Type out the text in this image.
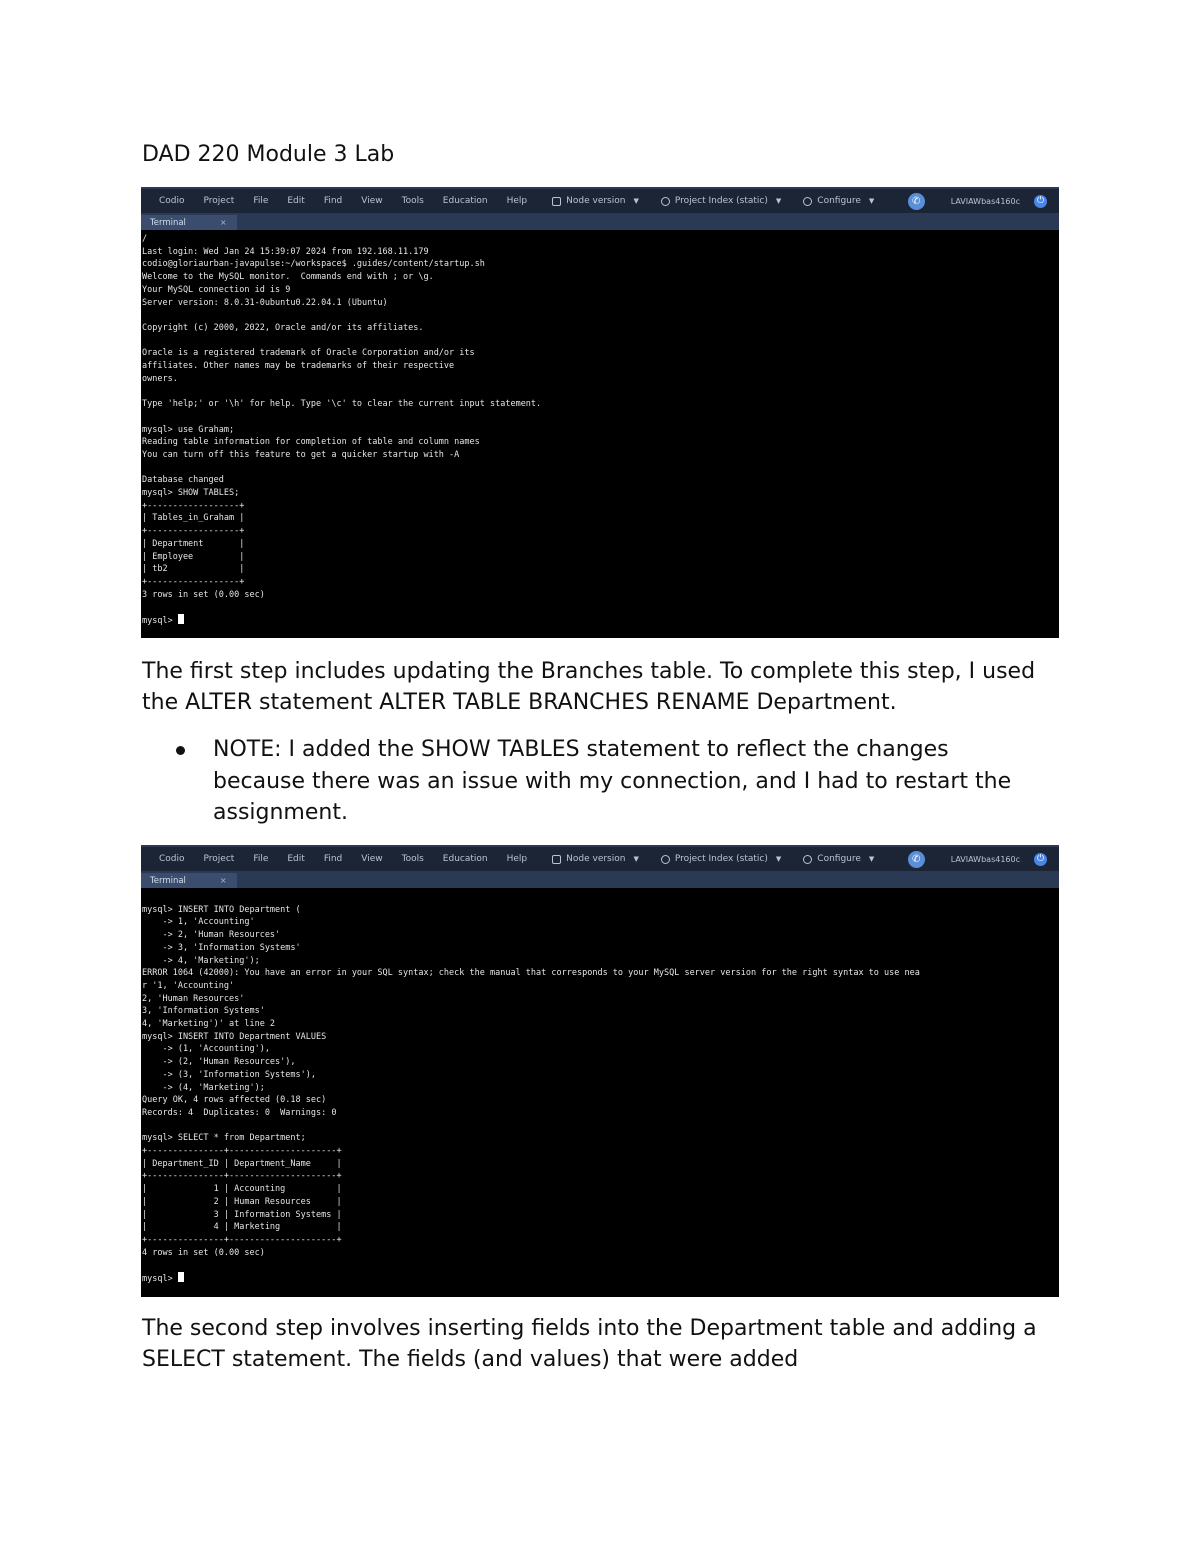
DAD 220 Module 3 Lab
Codio Project File Edit Find View Tools Education Help	Node version ▼	Project Index (static) ▼	Configure ▼	✆	LAVIAWbas4160c	⏻
Terminal	×
/
Last login: Wed Jan 24 15:39:07 2024 from 192.168.11.179
codio@gloriaurban-javapulse:~/workspace$ .guides/content/startup.sh
Welcome to the MySQL monitor.  Commands end with ; or \g.
Your MySQL connection id is 9
Server version: 8.0.31-0ubuntu0.22.04.1 (Ubuntu)

Copyright (c) 2000, 2022, Oracle and/or its affiliates.

Oracle is a registered trademark of Oracle Corporation and/or its
affiliates. Other names may be trademarks of their respective
owners.

Type 'help;' or '\h' for help. Type '\c' to clear the current input statement.

mysql> use Graham;
Reading table information for completion of table and column names
You can turn off this feature to get a quicker startup with -A

Database changed
mysql> SHOW TABLES;
+------------------+
| Tables_in_Graham |
+------------------+
| Department       |
| Employee         |
| tb2              |
+------------------+
3 rows in set (0.00 sec)

mysql>

The first step includes updating the Branches table. To complete this step, I used the ALTER statement ALTER TABLE BRANCHES RENAME Department.

NOTE: I added the SHOW TABLES statement to reflect the changes because there was an issue with my connection, and I had to restart the assignment.

Codio Project File Edit Find View Tools Education Help	Node version ▼	Project Index (static) ▼	Configure ▼	✆	LAVIAWbas4160c	⏻
Terminal	×

mysql> INSERT INTO Department (
-> 1, 'Accounting'
-> 2, 'Human Resources'
-> 3, 'Information Systems'
-> 4, 'Marketing');
ERROR 1064 (42000): You have an error in your SQL syntax; check the manual that corresponds to your MySQL server version for the right syntax to use nea
r '1, 'Accounting'
2, 'Human Resources'
3, 'Information Systems'
4, 'Marketing')' at line 2
mysql> INSERT INTO Department VALUES
-> (1, 'Accounting'),
-> (2, 'Human Resources'),
-> (3, 'Information Systems'),
-> (4, 'Marketing');
Query OK, 4 rows affected (0.18 sec)
Records: 4  Duplicates: 0  Warnings: 0

mysql> SELECT * from Department;
+---------------+---------------------+
| Department_ID | Department_Name     |
+---------------+---------------------+
|             1 | Accounting          |
|             2 | Human Resources     |
|             3 | Information Systems |
|             4 | Marketing           |
+---------------+---------------------+
4 rows in set (0.00 sec)

mysql>

The second step involves inserting fields into the Department table and adding a SELECT statement. The fields (and values) that were added
